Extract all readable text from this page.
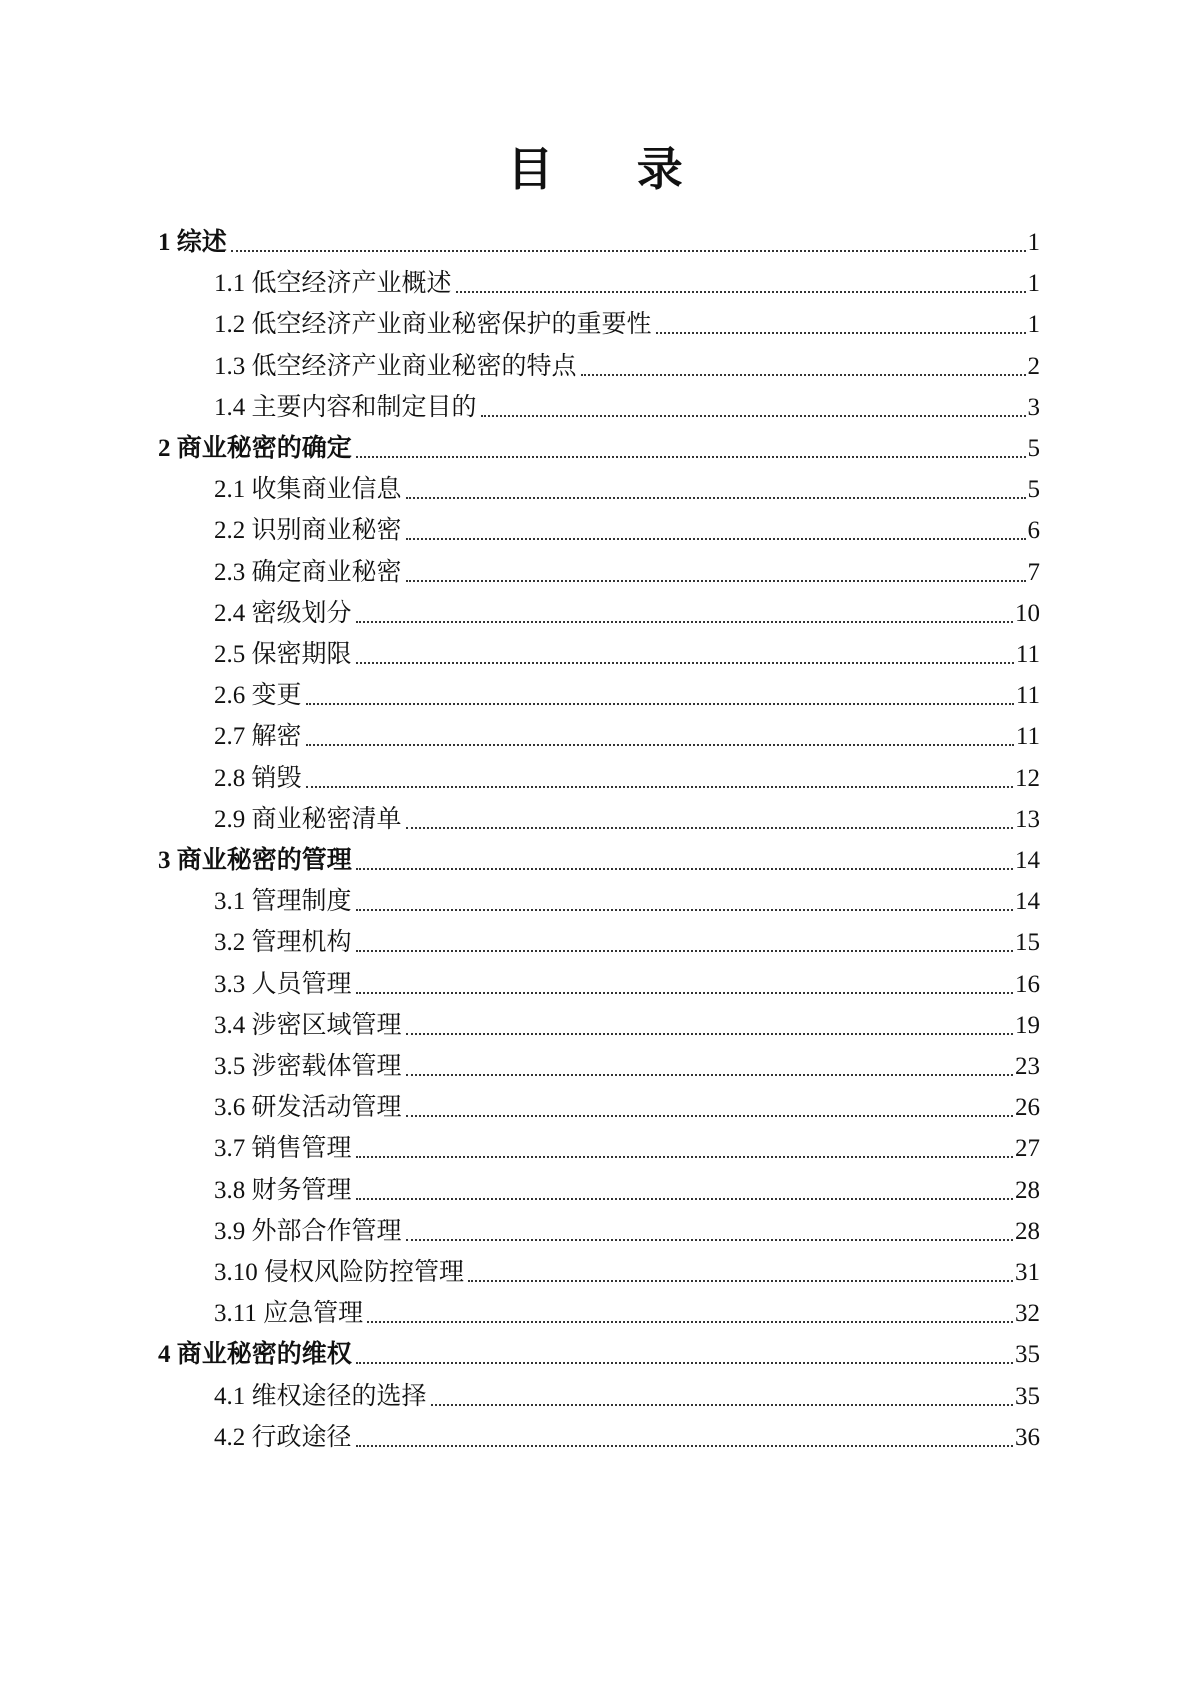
目 录
1 综述	1
1.1 低空经济产业概述	1
1.2 低空经济产业商业秘密保护的重要性	1
1.3 低空经济产业商业秘密的特点	2
1.4 主要内容和制定目的	3
2 商业秘密的确定	5
2.1 收集商业信息	5
2.2 识别商业秘密	6
2.3 确定商业秘密	7
2.4 密级划分	10
2.5 保密期限	11
2.6 变更	11
2.7 解密	11
2.8 销毁	12
2.9 商业秘密清单	13
3 商业秘密的管理	14
3.1 管理制度	14
3.2 管理机构	15
3.3 人员管理	16
3.4 涉密区域管理	19
3.5 涉密载体管理	23
3.6 研发活动管理	26
3.7 销售管理	27
3.8 财务管理	28
3.9 外部合作管理	28
3.10 侵权风险防控管理	31
3.11 应急管理	32
4 商业秘密的维权	35
4.1 维权途径的选择	35
4.2 行政途径	36
